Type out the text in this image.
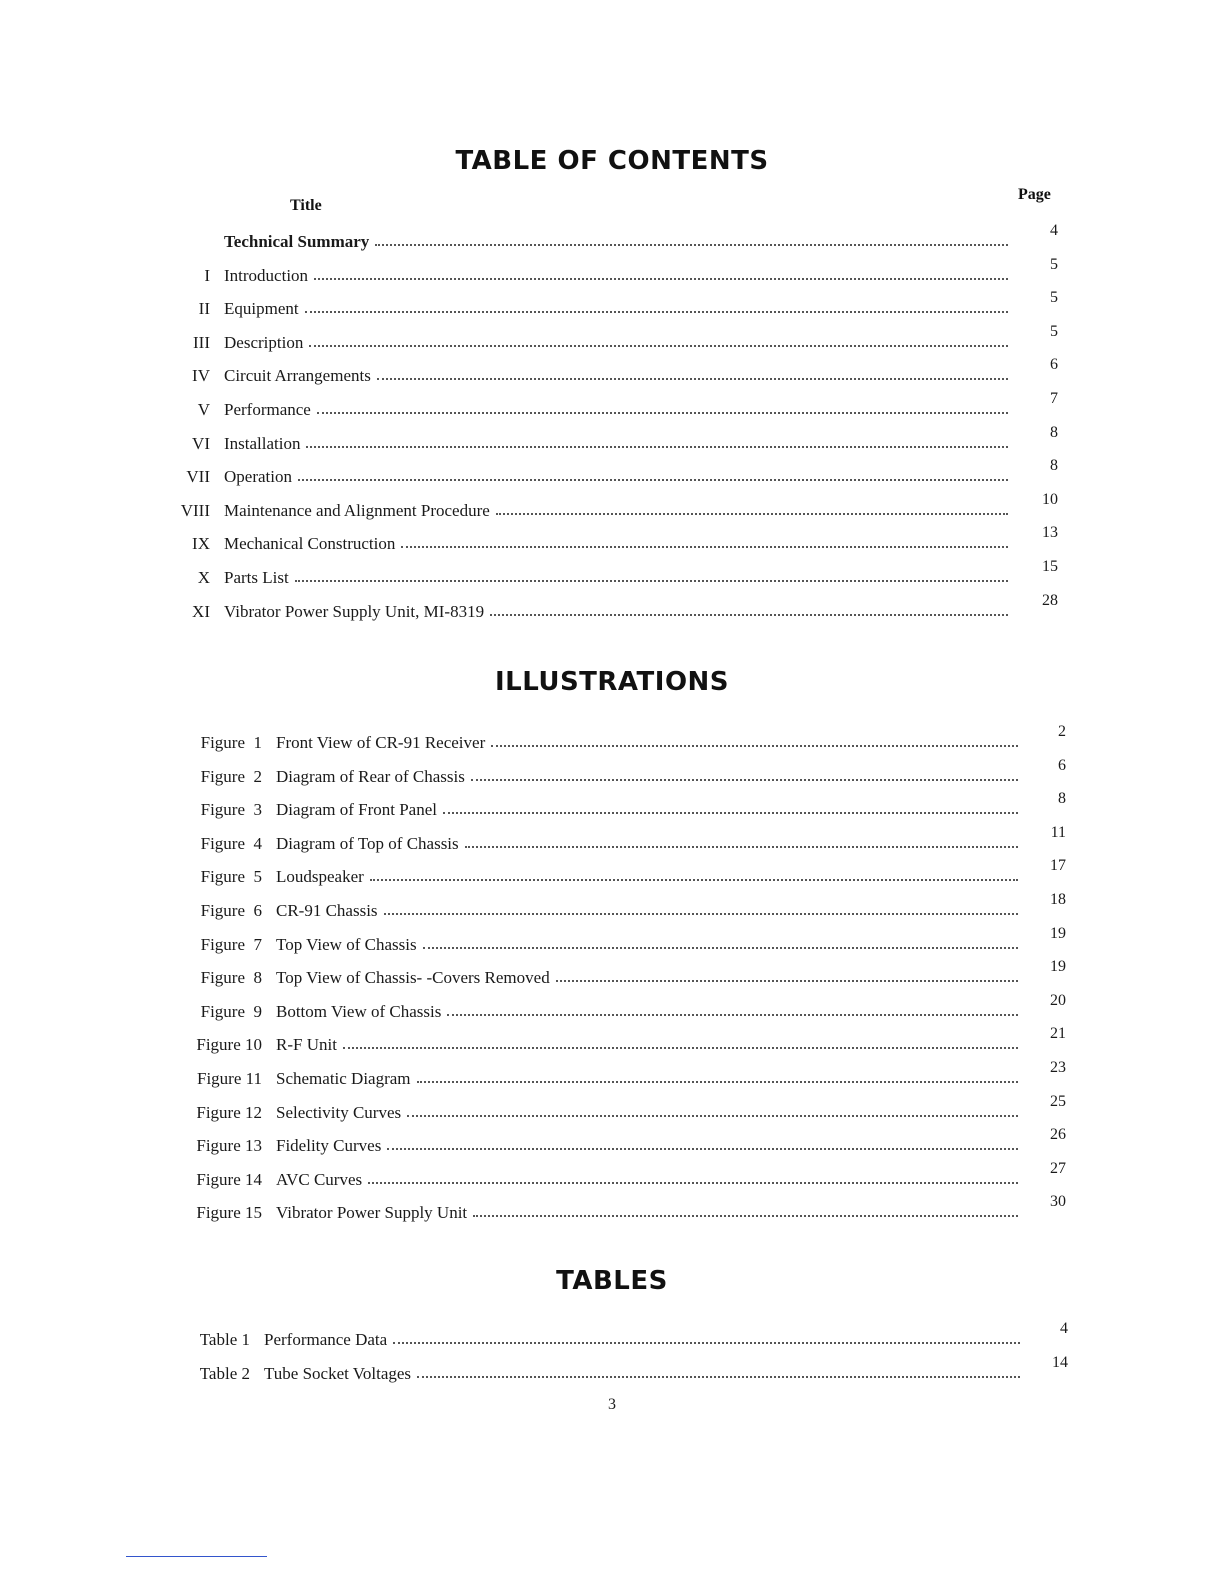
TABLE OF CONTENTS
Title
Page
Technical Summary
4
I Introduction
5
II Equipment
5
III Description
5
IV Circuit Arrangements
6
V Performance
7
VI Installation
8
VII Operation
8
VIII Maintenance and Alignment Procedure
10
IX Mechanical Construction
13
X Parts List
15
XI Vibrator Power Supply Unit, MI-8319
28
ILLUSTRATIONS
Figure  1 Front View of CR-91 Receiver
2
Figure  2 Diagram of Rear of Chassis
6
Figure  3 Diagram of Front Panel
8
Figure  4 Diagram of Top of Chassis
11
Figure  5 Loudspeaker
17
Figure  6 CR-91 Chassis
18
Figure  7 Top View of Chassis
19
Figure  8 Top View of Chassis- -Covers Removed
19
Figure  9 Bottom View of Chassis
20
Figure 10 R-F Unit
21
Figure 11 Schematic Diagram
23
Figure 12 Selectivity Curves
25
Figure 13 Fidelity Curves
26
Figure 14 AVC Curves
27
Figure 15 Vibrator Power Supply Unit
30
TABLES
Table 1 Performance Data
4
Table 2 Tube Socket Voltages
14
3
